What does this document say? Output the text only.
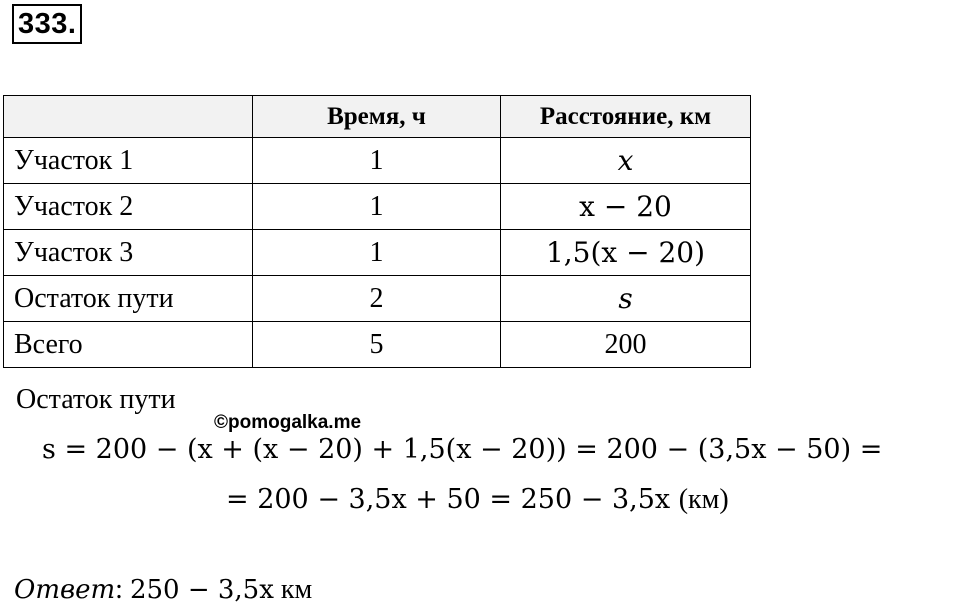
333.
	Время, ч	Расстояние, км
Участок 1	1	x
Участок 2	1	x − 20
Участок 3	1	1,5(x − 20)
Остаток пути	2	s
Всего	5	200
Остаток пути
©pomogalka.me
s = 200 − (x + (x − 20) + 1,5(x − 20)) = 200 − (3,5x − 50) =
= 200 − 3,5x + 50 = 250 − 3,5x (км)
Ответ: 250 − 3,5x км
